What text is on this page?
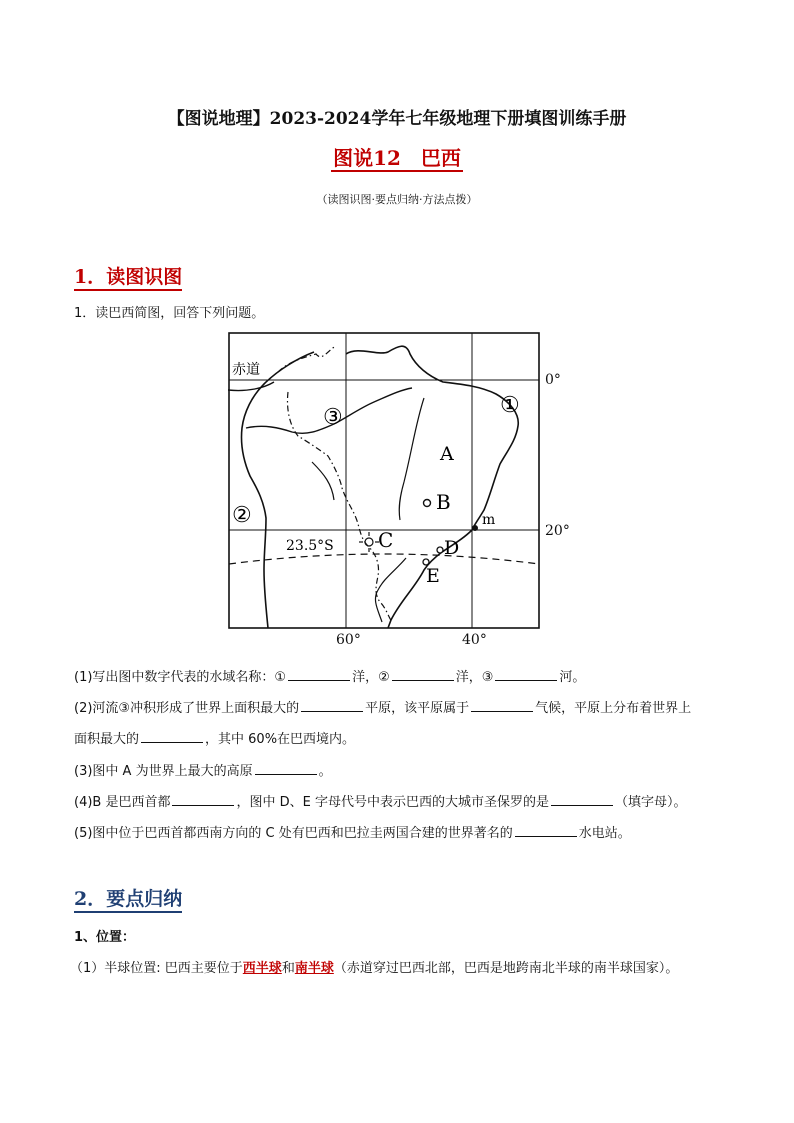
【图说地理】2023-2024学年七年级地理下册填图训练手册
图说12　巴西
（读图识图·要点归纳·方法点拨）
1．读图识图
1．读巴西简图，回答下列问题。
赤道
③	①
②
A
B
23.5°S C	D
E
m
0°
20°
60°	40°
(1)写出图中数字代表的水域名称：①	洋，②	洋，③	河。
(2)河流③冲积形成了世界上面积最大的	平原，该平原属于	气候，平原上分布着世界上
面积最大的	，其中 60%在巴西境内。
(3)图中 A 为世界上最大的高原	。
(4)B 是巴西首都	，图中 D、E 字母代号中表示巴西的大城市圣保罗的是	（填字母）。
(5)图中位于巴西首都西南方向的 C 处有巴西和巴拉圭两国合建的世界著名的	水电站。
2．要点归纳
1、位置：
（1）半球位置: 巴西主要位于西半球和南半球（赤道穿过巴西北部，巴西是地跨南北半球的南半球国家）。
